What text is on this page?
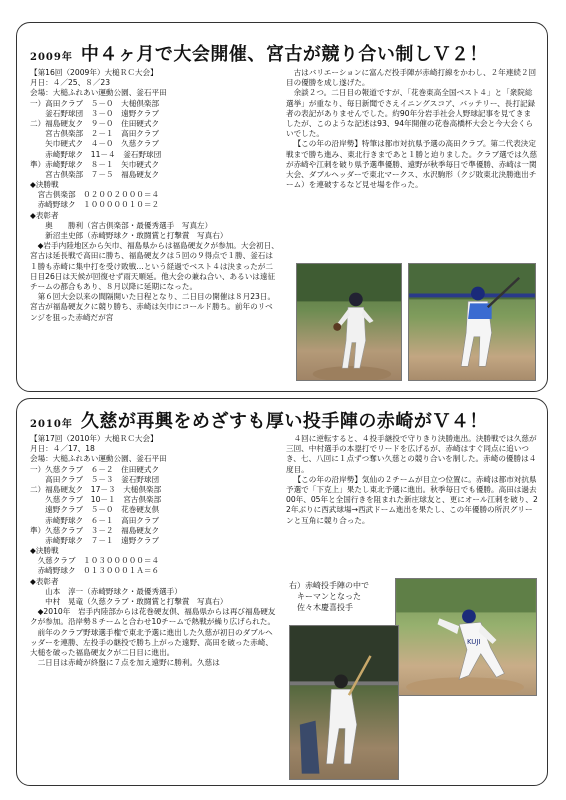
2009年 中４ヶ月で大会開催、宮古が競り合い制しＶ２！
【第16回（2009年）大槌ＲＣ大会】
月日：４／25、８／23
会場：大槌ふれあい運動公園、釜石平田
一）高田クラブ　５－０　大槌倶楽部
　　釜石野球団　３－０　遠野クラブ
二）福島硬友ク　９－０　住田硬式ク
　　宮古倶楽部　２－１　高田クラブ
　　矢巾硬式ク　４－０　久慈クラブ
　　赤崎野球ク　11－４　釜石野球団
準）赤崎野球ク　８－１　矢巾硬式ク
　　宮古倶楽部　７－５　福島硬友ク
◆決勝戦
　宮古倶楽部　０２００２０００＝４
　赤崎野球ク　１０００００１０＝２
◆表彰者
　　奥　　勝利（宮古倶楽部・最優秀選手　写真左）
　　新沼圭史郎（赤崎野球ク・敢闘賞と打撃賞　写真右）
◆岩手内陸地区から矢巾、福島県からは福島硬友クが参加。大会初日、宮古は延長戦で高田に勝ち、福島硬友クは５回の９得点で１勝、釜石は１勝も赤崎に集中打を受け敗戦…という経過でベスト４は決まったが二日目26日は天候が回復せず雨天順延。他大会の兼ね合い、あるいは遠征チームの都合もあり、８月以降に延期になった。
第６回大会以来の間隔開いた日程となり、二日目の開催は８月23日。宮古が福島硬友クに競り勝ち、赤崎は矢巾にコールド勝ち。前年のリベンジを狙った赤崎だが宮
古はバリエーションに富んだ投手陣が赤崎打線をかわし、２年連続２回目の優勝を成し遂げた。
余談２つ。二日目の報道ですが、「花巻東高全国ベスト４」と「衆院総選挙」が重なり、毎日新聞でさえイニングスコア、バッテリー、長打記録者の表記がありませんでした。約90年分岩手社会人野球記事を見てきましたが、このような記述は93、94年開催の花巻高橋杯大会と今大会くらいでした。
【この年の沿岸勢】特筆は都市対抗県予選の高田クラブ。第二代表決定戦まで勝ち進み、東北行きまであと１勝と迫りました。クラブ選では久慈が赤崎や江刺を破り県予選準優勝、遠野が秋季毎日で準優勝、赤崎は一関大会、ダブルヘッダーで東北マークス、水沢駒形（クジ敗東北決勝進出チーム）を連破するなど見せ場を作った。
2010年 久慈が再興をめざすも厚い投手陣の赤崎がＶ４！
【第17回（2010年）大槌ＲＣ大会】
月日：４／17、18
会場：大槌ふれあい運動公園、釜石平田
一）久慈クラブ　６－２　住田硬式ク
　　高田クラブ　５－３　釜石野球団
二）福島硬友ク　17－３　大槌倶楽部
　　久慈クラブ　10－１　宮古倶楽部
　　遠野クラブ　５－０　花巻硬友倶
　　赤崎野球ク　６－１　高田クラブ
準）久慈クラブ　３－２　福島硬友ク
　　赤崎野球ク　７－１　遠野クラブ
◆決勝戦
　久慈クラブ　１０３０００００＝４
　赤崎野球ク　０１３０００１Ａ＝６
◆表彰者
　　山本　淳一（赤崎野球ク・最優秀選手）
　　中村　晃竜（久慈クラブ・敢闘賞と打撃賞　写真右）
◆2010年　岩手内陸部からは花巻硬友倶、福島県からは再び福島硬友クが参加。沿岸勢８チームと合わせ10チームで熱戦が繰り広げられた。
前年のクラブ野球選手権で東北予選に進出した久慈が初日のダブルヘッダーを連勝、左投手の継投で勝ち上がった遠野、高田を破った赤崎、大槌を破った福島硬友クが二日目に進出。
二日目は赤崎が終盤に７点を加え遠野に勝利。久慈は
４回に逆転すると、４投手継投で守りきり決勝進出。決勝戦では久慈が三回、中村選手の本塁打でリードを広げるが、赤崎はすぐ同点に追いつき、七、八回に１点ずつ奪い久慈との競り合いを制した。赤崎の優勝は４度目。
【この年の沿岸勢】気仙の２チームが目立つ位置に。赤崎は都市対抗県予選で「下克上」果たし東北予選に進出。秋季毎日でも優勝。高田は過去00年、05年と全国行きを阻まれた新庄球友と、更にオール江刺を破り、22年ぶりに西武球場→西武ドーム進出を果たし、この年優勝の所沢グリーンと互角に競り合った。
右）赤崎投手陣の中で
　キーマンとなった
　佐々木慶喜投手
KUJI
